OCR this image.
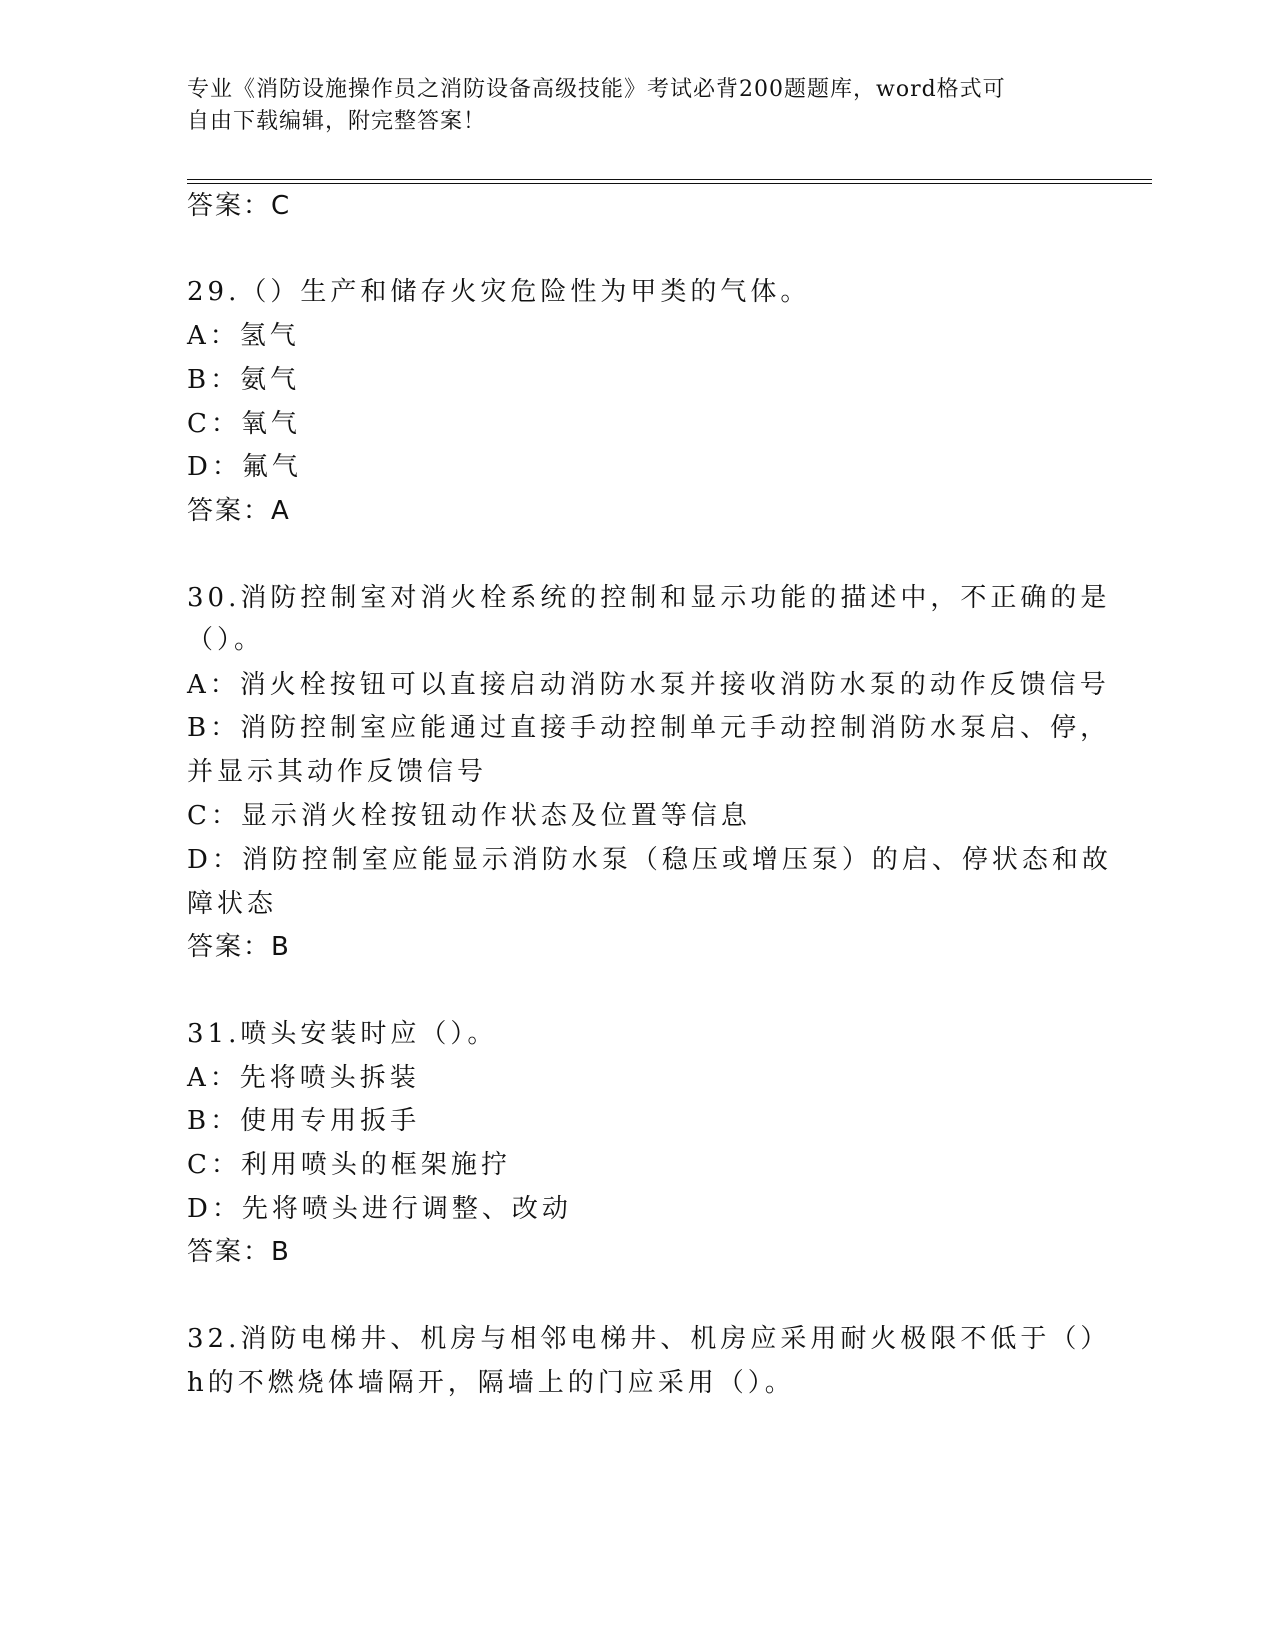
专业《消防设施操作员之消防设备高级技能》考试必背200题题库，word格式可
自由下载编辑，附完整答案！
答案：C
29.（）生产和储存火灾危险性为甲类的气体。
A：氢气
B：氨气
C：氧气
D：氟气
答案：A
30.消防控制室对消火栓系统的控制和显示功能的描述中，不正确的是
（）。
A：消火栓按钮可以直接启动消防水泵并接收消防水泵的动作反馈信号
B：消防控制室应能通过直接手动控制单元手动控制消防水泵启、停，
并显示其动作反馈信号
C：显示消火栓按钮动作状态及位置等信息
D：消防控制室应能显示消防水泵（稳压或增压泵）的启、停状态和故
障状态
答案：B
31.喷头安装时应（）。
A：先将喷头拆装
B：使用专用扳手
C：利用喷头的框架施拧
D：先将喷头进行调整、改动
答案：B
32.消防电梯井、机房与相邻电梯井、机房应采用耐火极限不低于（）
h的不燃烧体墙隔开，隔墙上的门应采用（）。
